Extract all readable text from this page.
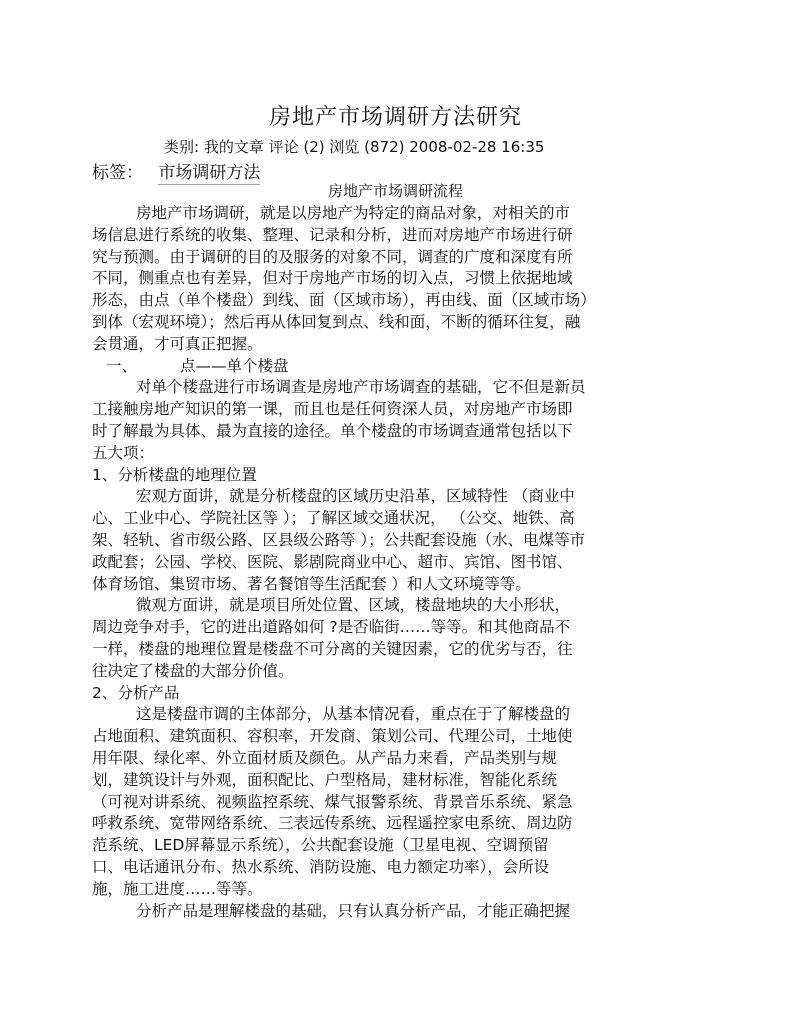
房地产市场调研方法研究
类别: 我的文章 评论 (2) 浏览 (872) 2008-02-28 16:35
标签： 市场调研方法
房地产市场调研流程
房地产市场调研，就是以房地产为特定的商品对象，对相关的市
场信息进行系统的收集、整理、记录和分析，进而对房地产市场进行研
究与预测。由于调研的目的及服务的对象不同，调查的广度和深度有所
不同，侧重点也有差异，但对于房地产市场的切入点，习惯上依据地域
形态，由点（单个楼盘）到线、面（区域市场），再由线、面（区域市场）
到体（宏观环境）；然后再从体回复到点、线和面，不断的循环往复，融
会贯通，才可真正把握。
一、	点——单个楼盘
对单个楼盘进行市场调查是房地产市场调查的基础，它不但是新员
工接触房地产知识的第一课，而且也是任何资深人员，对房地产市场即
时了解最为具体、最为直接的途径。单个楼盘的市场调查通常包括以下
五大项：
1、分析楼盘的地理位置
宏观方面讲，就是分析楼盘的区域历史沿革，区域特性 （商业中
心、工业中心、学院社区等 ）；了解区域交通状况， （公交、地铁、高
架、轻轨、省市级公路、区县级公路等 ）；公共配套设施（水、电煤等市
政配套；公园、学校、医院、影剧院商业中心、超市、宾馆、图书馆、
体育场馆、集贸市场、著名餐馆等生活配套 ）和人文环境等等。
微观方面讲，就是项目所处位置、区域，楼盘地块的大小形状，
周边竞争对手，它的进出道路如何 ?是否临街……等等。和其他商品不
一样，楼盘的地理位置是楼盘不可分离的关键因素，它的优劣与否，往
往决定了楼盘的大部分价值。
2、分析产品
这是楼盘市调的主体部分，从基本情况看，重点在于了解楼盘的
占地面积、建筑面积、容积率，开发商、策划公司、代理公司，土地使
用年限、绿化率、外立面材质及颜色。从产品力来看，产品类别与规
划，建筑设计与外观，面积配比、户型格局，建材标准，智能化系统
（可视对讲系统、视频监控系统、煤气报警系统、背景音乐系统、紧急
呼救系统、宽带网络系统、三表远传系统、远程遥控家电系统、周边防
范系统、LED屏幕显示系统），公共配套设施（卫星电视、空调预留
口、电话通讯分布、热水系统、消防设施、电力额定功率），会所设
施，施工进度……等等。
分析产品是理解楼盘的基础，只有认真分析产品，才能正确把握
